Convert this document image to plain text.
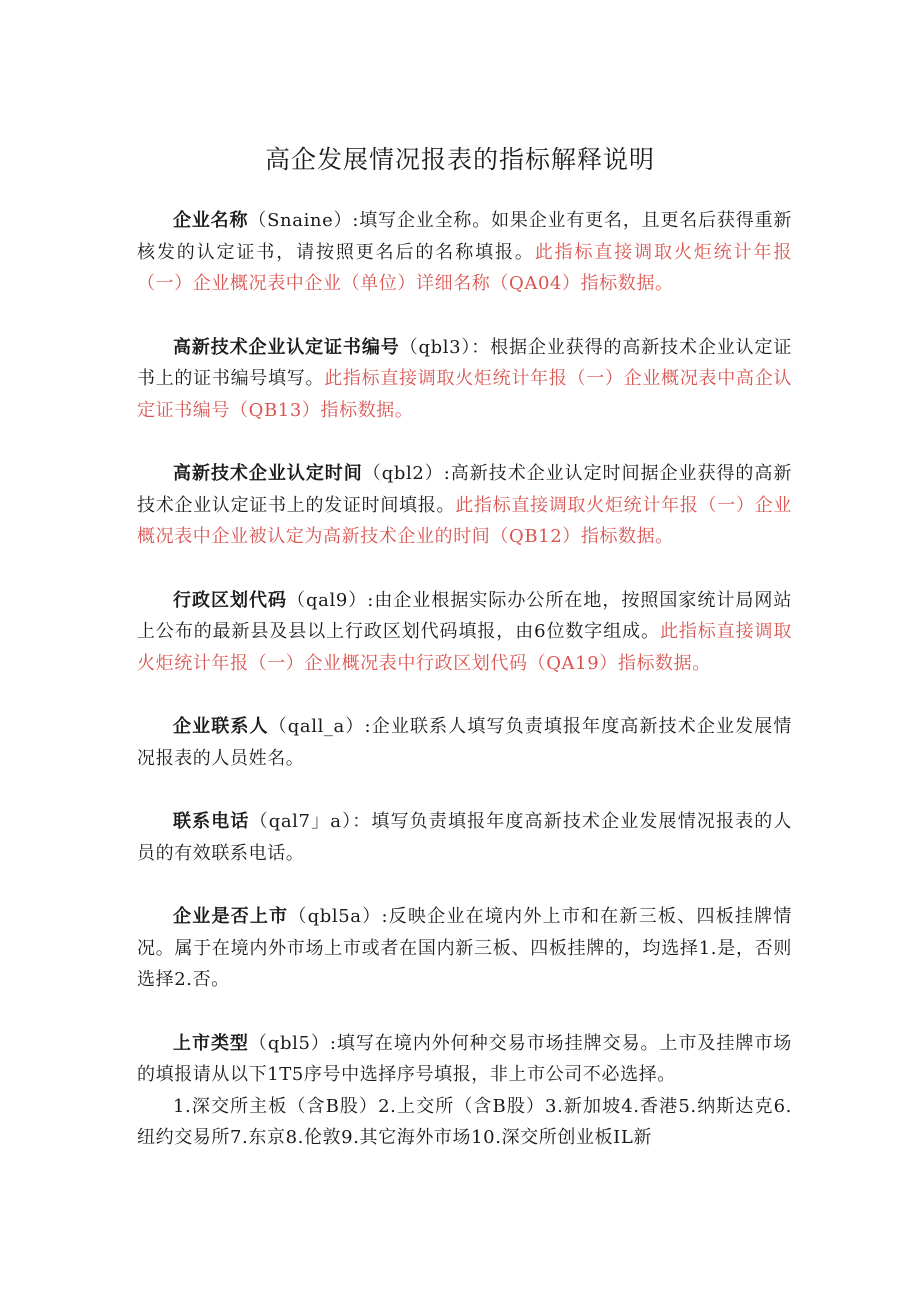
高企发展情况报表的指标解释说明

企业名称（Snaine）:填写企业全称。如果企业有更名，且更名后获得重新核发的认定证书，请按照更名后的名称填报。此指标直接调取火炬统计年报（一）企业概况表中企业（单位）详细名称（QA04）指标数据。

高新技术企业认定证书编号（qbl3）：根据企业获得的高新技术企业认定证书上的证书编号填写。此指标直接调取火炬统计年报（一）企业概况表中高企认定证书编号（QB13）指标数据。

高新技术企业认定时间（qbl2）:高新技术企业认定时间据企业获得的高新技术企业认定证书上的发证时间填报。此指标直接调取火炬统计年报（一）企业概况表中企业被认定为高新技术企业的时间（QB12）指标数据。

行政区划代码（qal9）:由企业根据实际办公所在地，按照国家统计局网站上公布的最新县及县以上行政区划代码填报，由6位数字组成。此指标直接调取火炬统计年报（一）企业概况表中行政区划代码（QA19）指标数据。

企业联系人（qall_a）:企业联系人填写负责填报年度高新技术企业发展情况报表的人员姓名。

联系电话（qal7」a）：填写负责填报年度高新技术企业发展情况报表的人员的有效联系电话。

企业是否上市（qbl5a）:反映企业在境内外上市和在新三板、四板挂牌情况。属于在境内外市场上市或者在国内新三板、四板挂牌的，均选择1.是，否则选择2.否。

上市类型（qbl5）:填写在境内外何种交易市场挂牌交易。上市及挂牌市场的填报请从以下1T5序号中选择序号填报，非上市公司不必选择。

1.深交所主板（含B股）2.上交所（含B股）3.新加坡4.香港5.纳斯达克6.纽约交易所7.东京8.伦敦9.其它海外市场10.深交所创业板IL新
